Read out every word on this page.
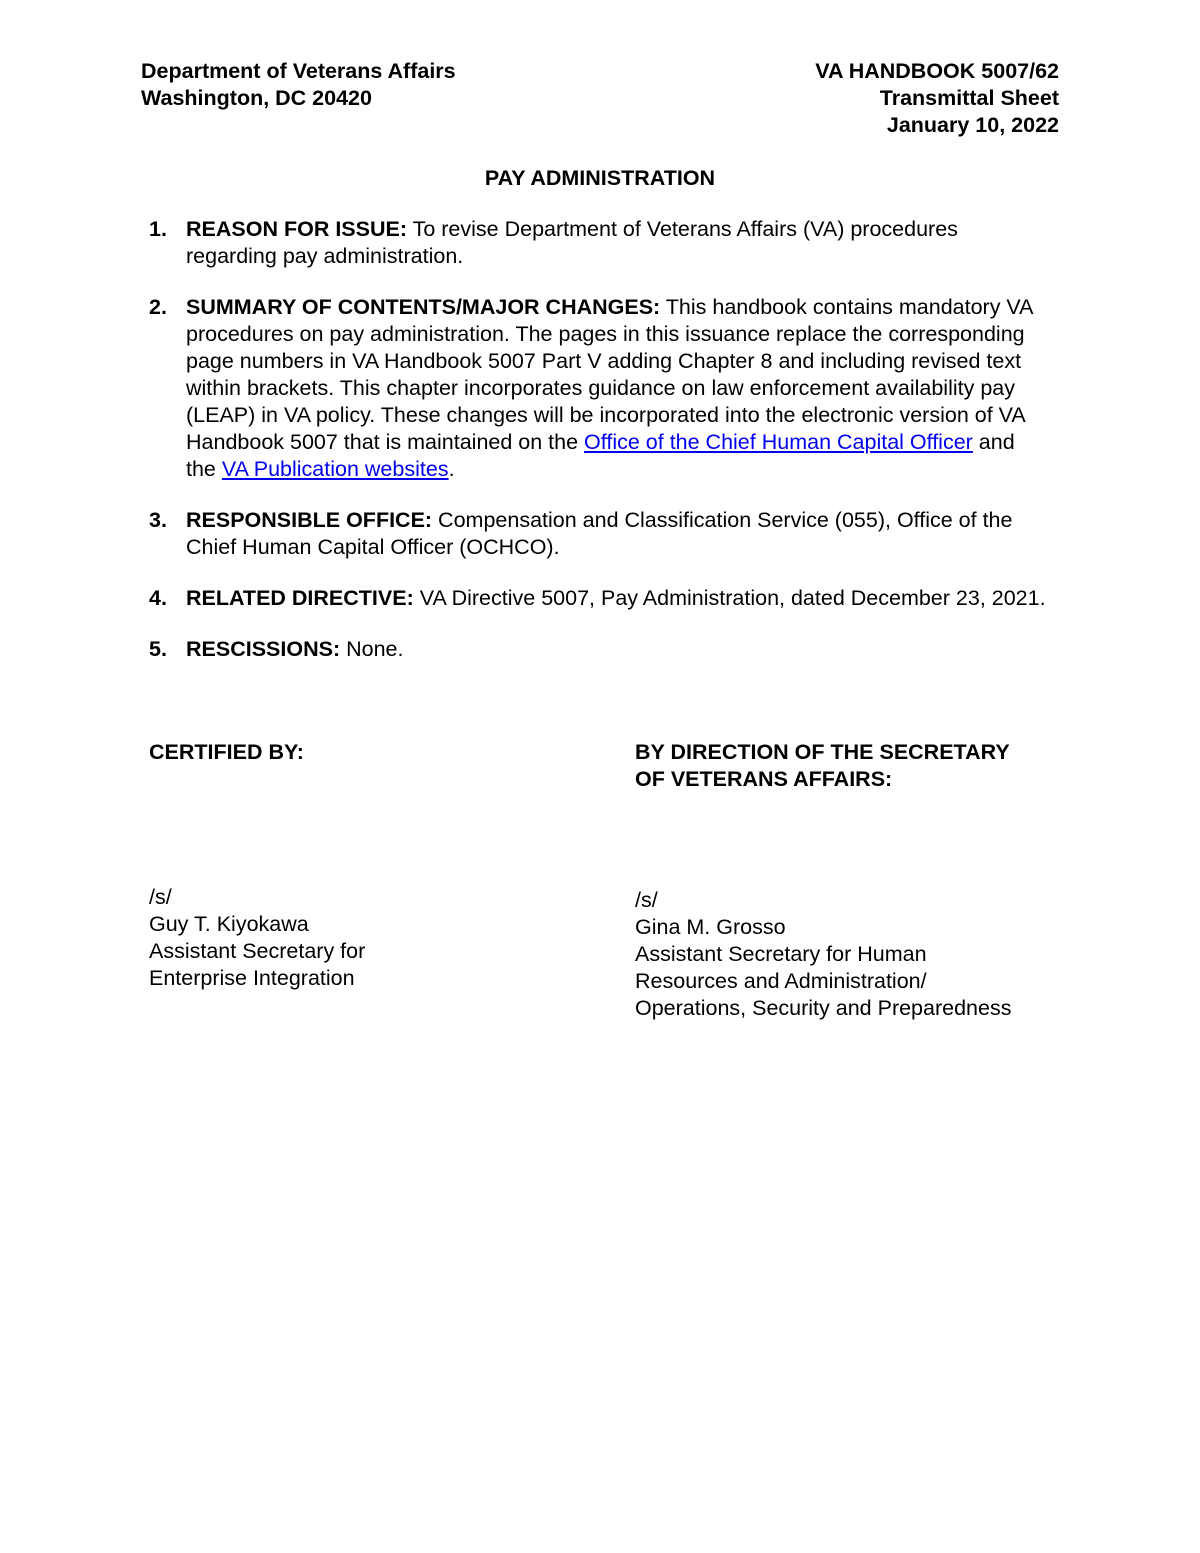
Department of Veterans Affairs
Washington, DC 20420
VA HANDBOOK 5007/62
Transmittal Sheet
January 10, 2022
PAY ADMINISTRATION
1. REASON FOR ISSUE: To revise Department of Veterans Affairs (VA) procedures regarding pay administration.
2. SUMMARY OF CONTENTS/MAJOR CHANGES: This handbook contains mandatory VA procedures on pay administration. The pages in this issuance replace the corresponding page numbers in VA Handbook 5007 Part V adding Chapter 8 and including revised text within brackets. This chapter incorporates guidance on law enforcement availability pay (LEAP) in VA policy. These changes will be incorporated into the electronic version of VA Handbook 5007 that is maintained on the Office of the Chief Human Capital Officer and the VA Publication websites.
3. RESPONSIBLE OFFICE: Compensation and Classification Service (055), Office of the Chief Human Capital Officer (OCHCO).
4. RELATED DIRECTIVE: VA Directive 5007, Pay Administration, dated December 23, 2021.
5. RESCISSIONS: None.
CERTIFIED BY:	BY DIRECTION OF THE SECRETARY
OF VETERANS AFFAIRS:
/s/
Guy T. Kiyokawa
Assistant Secretary for
Enterprise Integration
/s/
Gina M. Grosso
Assistant Secretary for Human
Resources and Administration/
Operations, Security and Preparedness
